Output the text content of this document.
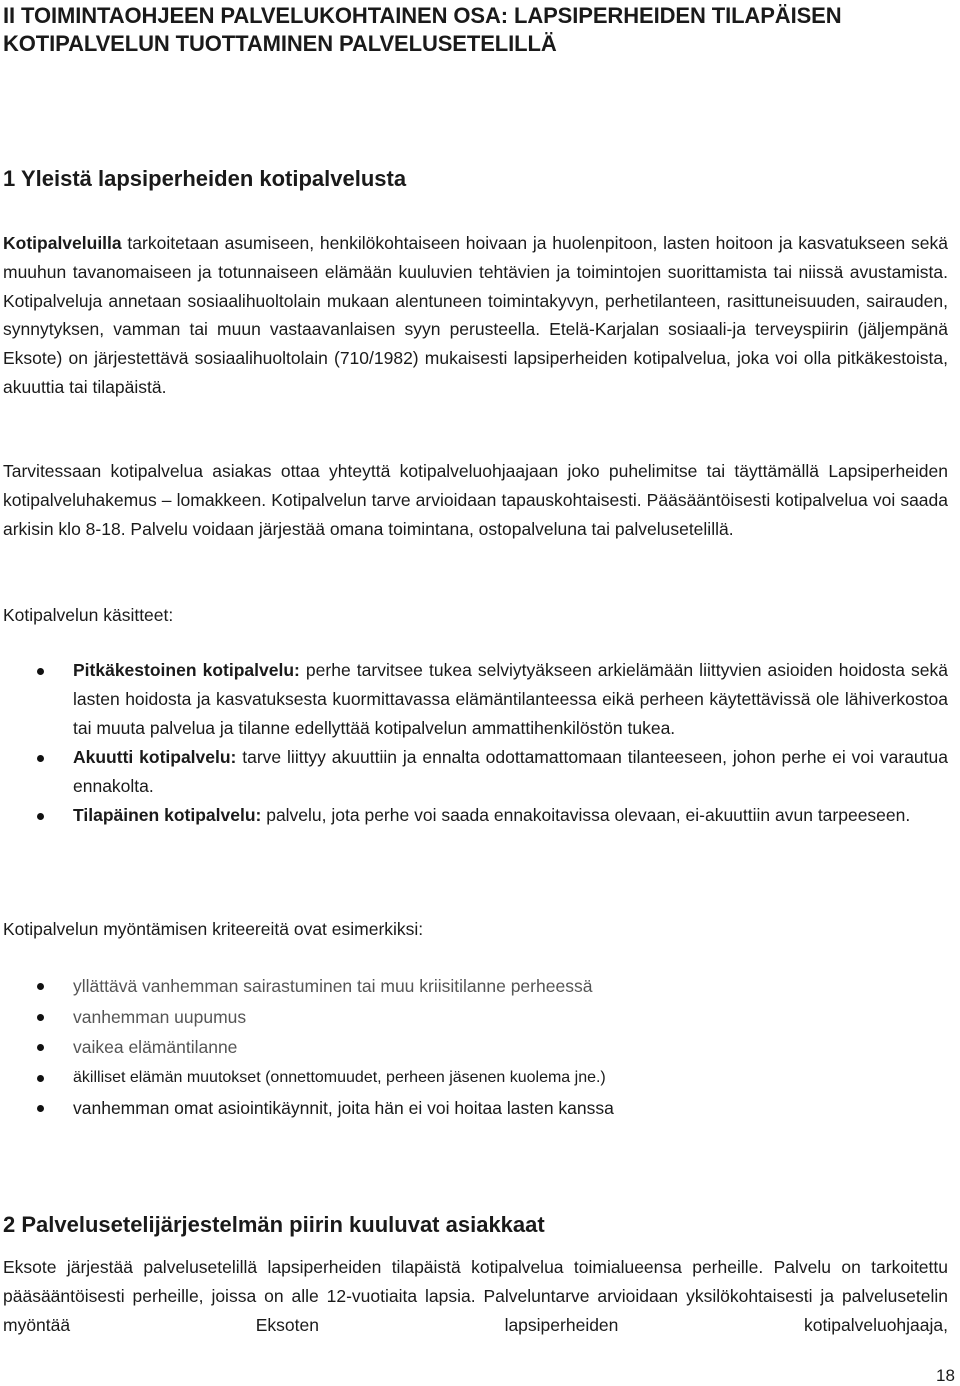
II TOIMINTAOHJEEN PALVELUKOHTAINEN OSA: LAPSIPERHEIDEN TILAPÄISEN KOTIPALVELUN TUOTTAMINEN PALVELUSETELILLÄ
1 Yleistä lapsiperheiden kotipalvelusta
Kotipalveluilla tarkoitetaan asumiseen, henkilökohtaiseen hoivaan ja huolenpitoon, lasten hoitoon ja kasvatukseen sekä muuhun tavanomaiseen ja totunnaiseen elämään kuuluvien tehtävien ja toimintojen suorittamista tai niissä avustamista. Kotipalveluja annetaan sosiaalihuoltolain mukaan alentuneen toimintakyvyn, perhetilanteen, rasittuneisuuden, sairauden, synnytyksen, vamman tai muun vastaavanlaisen syyn perusteella. Etelä-Karjalan sosiaali-ja terveyspiirin (jäljempänä Eksote) on järjestettävä sosiaalihuoltolain (710/1982) mukaisesti lapsiperheiden kotipalvelua, joka voi olla pitkäkestoista, akuuttia tai tilapäistä.
Tarvitessaan kotipalvelua asiakas ottaa yhteyttä kotipalveluohjaajaan joko puhelimitse tai täyttämällä Lapsiperheiden kotipalveluhakemus – lomakkeen. Kotipalvelun tarve arvioidaan tapauskohtaisesti. Pääsääntöisesti kotipalvelua voi saada arkisin klo 8-18. Palvelu voidaan järjestää omana toimintana, ostopalveluna tai palvelusetelillä.
Kotipalvelun käsitteet:
Pitkäkestoinen kotipalvelu: perhe tarvitsee tukea selviytyäkseen arkielämään liittyvien asioiden hoidosta sekä lasten hoidosta ja kasvatuksesta kuormittavassa elämäntilanteessa eikä perheen käytettävissä ole lähiverkostoa tai muuta palvelua ja tilanne edellyttää kotipalvelun ammattihenkilöstön tukea.
Akuutti kotipalvelu: tarve liittyy akuuttiin ja ennalta odottamattomaan tilanteeseen, johon perhe ei voi varautua ennakolta.
Tilapäinen kotipalvelu: palvelu, jota perhe voi saada ennakoitavissa olevaan, ei-akuuttiin avun tarpeeseen.
Kotipalvelun myöntämisen kriteereitä ovat esimerkiksi:
yllättävä vanhemman sairastuminen tai muu kriisitilanne perheessä
vanhemman uupumus
vaikea elämäntilanne
äkilliset elämän muutokset (onnettomuudet, perheen jäsenen kuolema jne.)
vanhemman omat asiointikäynnit, joita hän ei voi hoitaa lasten kanssa
2 Palvelusetelijärjestelmän piirin kuuluvat asiakkaat
Eksote järjestää palvelusetelillä lapsiperheiden tilapäistä kotipalvelua toimialueensa perheille. Palvelu on tarkoitettu pääsääntöisesti perheille, joissa on alle 12-vuotiaita lapsia. Palveluntarve arvioidaan yksilökohtaisesti ja palvelusetelin myöntää Eksoten lapsiperheiden kotipalveluohjaaja,
18
